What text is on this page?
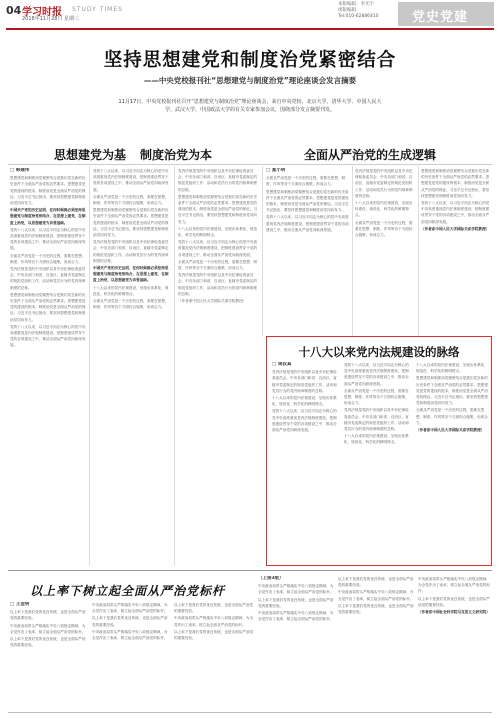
04 学习时报 STUDY TIMES
2018年11月28日 星期三
本版编辑：李光宇
组版编辑：
Tel:010-62886410	党史党建
坚持思想建党和制度治党紧密结合
——中央党校报刊社“思想建党与制度治党”理论座谈会发言摘要
11月17日，中央党校报刊社召开“思想建党与制度治党”理论座谈会，来自中央党校、北京大学、清华大学、中国人民大学、武汉大学、中国政法大学的有关专家参加会议，围绕部分发言摘要刊发。
思想建党为基 制度治党为本	全面从严治党的生成逻辑

□ 韩建伟

思想建党和制度治党紧密结合是我们党在新的历史条件下全面从严治党的必然要求。思想建党是党的建设的根本，制度治党是全面从严治党的保证。习近平总书记指出，要坚持思想建党和制度治党同向发力。

中国共产党的历史证明，任何时候都必须坚持思想建党与制度治党相结合，在思想上建党，在制度上治党，以思想建党为首要基础。

党的十八大以来，以习近平同志为核心的党中央高度重视党内法规制度建设，把制度建设贯穿于党的各项建设之中，推动全面从严治党向纵深发展。

全面从严治党是一个历史的过程，需要在思想、制度、作风等各个方面综合施策，形成合力。

党内法规是党的中央组织以及中央纪律检查委员会、中央各部门和省、自治区、直辖市党委制定的规范党组织工作、活动和党员行为的党内规章制度的总称。

思想建党和制度治党紧密结合是我们党在新的历史条件下全面从严治党的必然要求。思想建党是党的建设的根本，制度治党是全面从严治党的保证。习近平总书记指出，要坚持思想建党和制度治党同向发力。

党的十八大以来，以习近平同志为核心的党中央高度重视党内法规制度建设，把制度建设贯穿于党的各项建设之中，推动全面从严治党向纵深发展。

党的十八大以来，以习近平同志为核心的党中央高度重视党内法规制度建设，把制度建设贯穿于党的各项建设之中，推动全面从严治党向纵深发展。

全面从严治党是一个历史的过程，需要在思想、制度、作风等各个方面综合施策，形成合力。

思想建党和制度治党紧密结合是我们党在新的历史条件下全面从严治党的必然要求。思想建党是党的建设的根本，制度治党是全面从严治党的保证。习近平总书记指出，要坚持思想建党和制度治党同向发力。

党内法规是党的中央组织以及中央纪律检查委员会、中央各部门和省、自治区、直辖市党委制定的规范党组织工作、活动和党员行为的党内规章制度的总称。

中国共产党的历史证明，任何时候都必须坚持思想建党与制度治党相结合，在思想上建党，在制度上治党，以思想建党为首要基础。

十八大以来的党内法规建设，呈现出体系化、规范化、科学化的鲜明特点。

全面从严治党是一个历史的过程，需要在思想、制度、作风等各个方面综合施策，形成合力。

党内法规是党的中央组织以及中央纪律检查委员会、中央各部门和省、自治区、直辖市党委制定的规范党组织工作、活动和党员行为的党内规章制度的总称。

思想建党和制度治党紧密结合是我们党在新的历史条件下全面从严治党的必然要求。思想建党是党的建设的根本，制度治党是全面从严治党的保证。习近平总书记指出，要坚持思想建党和制度治党同向发力。

十八大以来的党内法规建设，呈现出体系化、规范化、科学化的鲜明特点。

党的十八大以来，以习近平同志为核心的党中央高度重视党内法规制度建设，把制度建设贯穿于党的各项建设之中，推动全面从严治党向纵深发展。

全面从严治党是一个历史的过程，需要在思想、制度、作风等各个方面综合施策，形成合力。

党内法规是党的中央组织以及中央纪律检查委员会、中央各部门和省、自治区、直辖市党委制定的规范党组织工作、活动和党员行为的党内规章制度的总称。

（作者系中国人民大学国际关系学院教授）

□ 夏小明

全面从严治党是一个历史的过程，需要在思想、制度、作风等各个方面综合施策，形成合力。

思想建党和制度治党紧密结合是我们党在新的历史条件下全面从严治党的必然要求。思想建党是党的建设的根本，制度治党是全面从严治党的保证。习近平总书记指出，要坚持思想建党和制度治党同向发力。

党的十八大以来，以习近平同志为核心的党中央高度重视党内法规制度建设，把制度建设贯穿于党的各项建设之中，推动全面从严治党向纵深发展。

党内法规是党的中央组织以及中央纪律检查委员会、中央各部门和省、自治区、直辖市党委制定的规范党组织工作、活动和党员行为的党内规章制度的总称。

十八大以来的党内法规建设，呈现出体系化、规范化、科学化的鲜明特点。

全面从严治党是一个历史的过程，需要在思想、制度、作风等各个方面综合施策，形成合力。

思想建党和制度治党紧密结合是我们党在新的历史条件下全面从严治党的必然要求。思想建党是党的建设的根本，制度治党是全面从严治党的保证。习近平总书记指出，要坚持思想建党和制度治党同向发力。

党的十八大以来，以习近平同志为核心的党中央高度重视党内法规制度建设，把制度建设贯穿于党的各项建设之中，推动全面从严治党向纵深发展。

（作者系中国人民大学国际关系学院教授）

十八大以来党内法规建设的脉络

□ 周叔真

党内法规是党的中央组织以及中央纪律检查委员会、中央各部门和省、自治区、直辖市党委制定的规范党组织工作、活动和党员行为的党内规章制度的总称。

十八大以来的党内法规建设，呈现出体系化、规范化、科学化的鲜明特点。

党的十八大以来，以习近平同志为核心的党中央高度重视党内法规制度建设，把制度建设贯穿于党的各项建设之中，推动全面从严治党向纵深发展。

党的十八大以来，以习近平同志为核心的党中央高度重视党内法规制度建设，把制度建设贯穿于党的各项建设之中，推动全面从严治党向纵深发展。

全面从严治党是一个历史的过程，需要在思想、制度、作风等各个方面综合施策，形成合力。

党内法规是党的中央组织以及中央纪律检查委员会、中央各部门和省、自治区、直辖市党委制定的规范党组织工作、活动和党员行为的党内规章制度的总称。

十八大以来的党内法规建设，呈现出体系化、规范化、科学化的鲜明特点。

十八大以来的党内法规建设，呈现出体系化、规范化、科学化的鲜明特点。

思想建党和制度治党紧密结合是我们党在新的历史条件下全面从严治党的必然要求。思想建党是党的建设的根本，制度治党是全面从严治党的保证。习近平总书记指出，要坚持思想建党和制度治党同向发力。

全面从严治党是一个历史的过程，需要在思想、制度、作风等各个方面综合施策，形成合力。

（作者系中国人民大学国际关系学院教授）

以上率下树立起全面从严治党标杆

□ 王金明

以上率下是我们党的优良传统，也是全面从严治党的重要经验。

中央政治局带头严格落实中央八项规定精神，为全党作出了表率，树立起全面从严治党的标杆。

以上率下是我们党的优良传统，也是全面从严治党的重要经验。

中央政治局带头严格落实中央八项规定精神，为全党作出了表率，树立起全面从严治党的标杆。

以上率下是我们党的优良传统，也是全面从严治党的重要经验。

中央政治局带头严格落实中央八项规定精神，为全党作出了表率，树立起全面从严治党的标杆。

以上率下是我们党的优良传统，也是全面从严治党的重要经验。

中央政治局带头严格落实中央八项规定精神，为全党作出了表率，树立起全面从严治党的标杆。

以上率下是我们党的优良传统，也是全面从严治党的重要经验。

（上接3版）

中央政治局带头严格落实中央八项规定精神，为全党作出了表率，树立起全面从严治党的标杆。

以上率下是我们党的优良传统，也是全面从严治党的重要经验。

中央政治局带头严格落实中央八项规定精神，为全党作出了表率，树立起全面从严治党的标杆。

以上率下是我们党的优良传统，也是全面从严治党的重要经验。

中央政治局带头严格落实中央八项规定精神，为全党作出了表率，树立起全面从严治党的标杆。

以上率下是我们党的优良传统，也是全面从严治党的重要经验。

中央政治局带头严格落实中央八项规定精神，为全党作出了表率，树立起全面从严治党的标杆。

以上率下是我们党的优良传统，也是全面从严治党的重要经验。

（作者系中国社会科学院马克思主义研究院）
